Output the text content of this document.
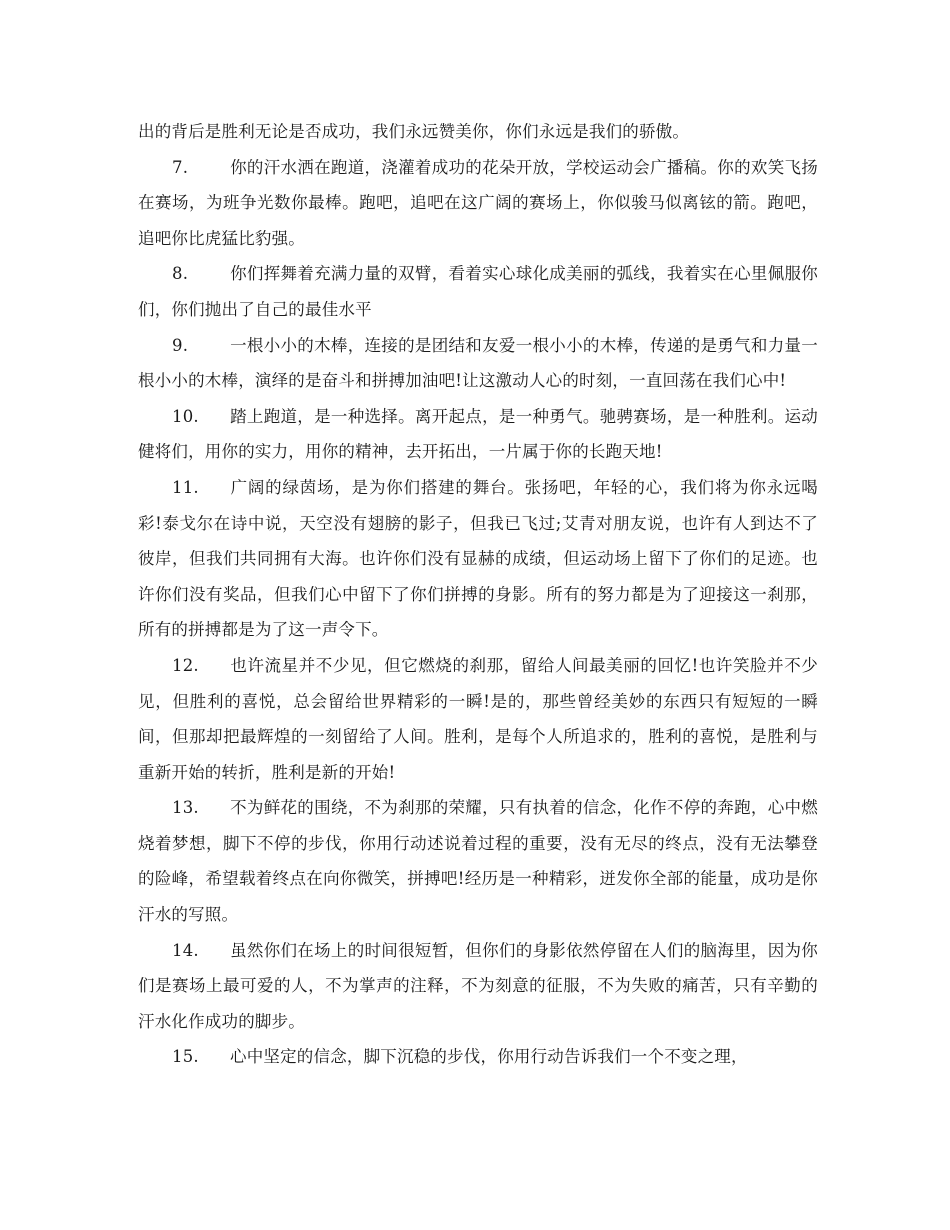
出的背后是胜利无论是否成功，我们永远赞美你，你们永远是我们的骄傲。

7.	你的汗水洒在跑道，浇灌着成功的花朵开放，学校运动会广播稿。你的欢笑飞扬在赛场，为班争光数你最棒。跑吧，追吧在这广阔的赛场上，你似骏马似离铉的箭。跑吧，追吧你比虎猛比豹强。

8.	你们挥舞着充满力量的双臂，看着实心球化成美丽的弧线，我着实在心里佩服你们，你们抛出了自己的最佳水平

9.	一根小小的木棒，连接的是团结和友爱一根小小的木棒，传递的是勇气和力量一根小小的木棒，演绎的是奋斗和拼搏加油吧!让这激动人心的时刻，一直回荡在我们心中!

10. 踏上跑道，是一种选择。离开起点，是一种勇气。驰骋赛场，是一种胜利。运动健将们，用你的实力，用你的精神，去开拓出，一片属于你的长跑天地!

11. 广阔的绿茵场，是为你们搭建的舞台。张扬吧，年轻的心，我们将为你永远喝彩!泰戈尔在诗中说，天空没有翅膀的影子，但我已飞过;艾青对朋友说，也许有人到达不了彼岸，但我们共同拥有大海。也许你们没有显赫的成绩，但运动场上留下了你们的足迹。也许你们没有奖品，但我们心中留下了你们拼搏的身影。所有的努力都是为了迎接这一刹那，所有的拼搏都是为了这一声令下。

12. 也许流星并不少见，但它燃烧的刹那，留给人间最美丽的回忆!也许笑脸并不少见，但胜利的喜悦，总会留给世界精彩的一瞬!是的，那些曾经美妙的东西只有短短的一瞬间，但那却把最辉煌的一刻留给了人间。胜利，是每个人所追求的，胜利的喜悦，是胜利与重新开始的转折，胜利是新的开始!

13. 不为鲜花的围绕，不为刹那的荣耀，只有执着的信念，化作不停的奔跑，心中燃烧着梦想，脚下不停的步伐，你用行动述说着过程的重要，没有无尽的终点，没有无法攀登的险峰，希望载着终点在向你微笑，拼搏吧!经历是一种精彩，迸发你全部的能量，成功是你汗水的写照。

14. 虽然你们在场上的时间很短暂，但你们的身影依然停留在人们的脑海里，因为你们是赛场上最可爱的人，不为掌声的注释，不为刻意的征服，不为失败的痛苦，只有辛勤的汗水化作成功的脚步。

15. 心中坚定的信念，脚下沉稳的步伐，你用行动告诉我们一个不变之理，
